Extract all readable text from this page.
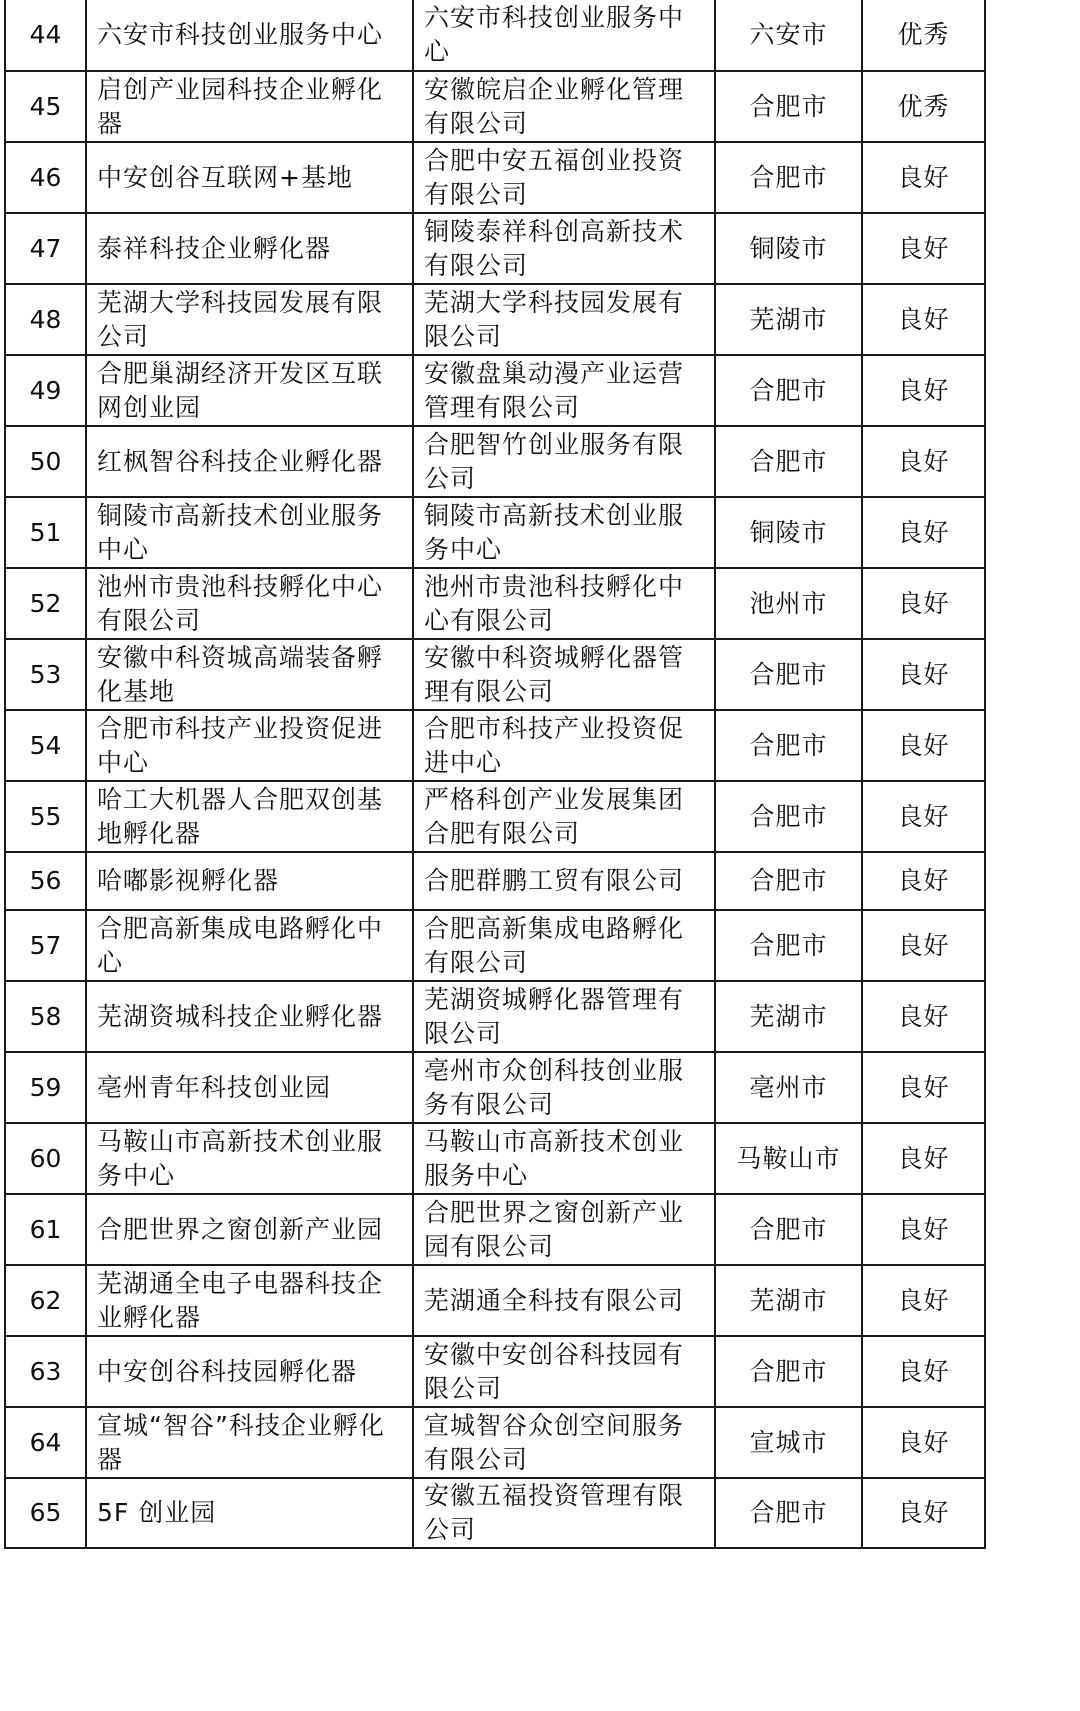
44	六安市科技创业服务中心	六安市科技创业服务中心	六安市	优秀
45	启创产业园科技企业孵化器	安徽皖启企业孵化管理有限公司	合肥市	优秀
46	中安创谷互联网+基地	合肥中安五福创业投资有限公司	合肥市	良好
47	泰祥科技企业孵化器	铜陵泰祥科创高新技术有限公司	铜陵市	良好
48	芜湖大学科技园发展有限公司	芜湖大学科技园发展有限公司	芜湖市	良好
49	合肥巢湖经济开发区互联网创业园	安徽盘巢动漫产业运营管理有限公司	合肥市	良好
50	红枫智谷科技企业孵化器	合肥智竹创业服务有限公司	合肥市	良好
51	铜陵市高新技术创业服务中心	铜陵市高新技术创业服务中心	铜陵市	良好
52	池州市贵池科技孵化中心有限公司	池州市贵池科技孵化中心有限公司	池州市	良好
53	安徽中科资城高端装备孵化基地	安徽中科资城孵化器管理有限公司	合肥市	良好
54	合肥市科技产业投资促进中心	合肥市科技产业投资促进中心	合肥市	良好
55	哈工大机器人合肥双创基地孵化器	严格科创产业发展集团合肥有限公司	合肥市	良好
56	哈嘟影视孵化器	合肥群鹏工贸有限公司	合肥市	良好
57	合肥高新集成电路孵化中心	合肥高新集成电路孵化有限公司	合肥市	良好
58	芜湖资城科技企业孵化器	芜湖资城孵化器管理有限公司	芜湖市	良好
59	亳州青年科技创业园	亳州市众创科技创业服务有限公司	亳州市	良好
60	马鞍山市高新技术创业服务中心	马鞍山市高新技术创业服务中心	马鞍山市	良好
61	合肥世界之窗创新产业园	合肥世界之窗创新产业园有限公司	合肥市	良好
62	芜湖通全电子电器科技企业孵化器	芜湖通全科技有限公司	芜湖市	良好
63	中安创谷科技园孵化器	安徽中安创谷科技园有限公司	合肥市	良好
64	宣城“智谷”科技企业孵化器	宣城智谷众创空间服务有限公司	宣城市	良好
65	5F 创业园	安徽五福投资管理有限公司	合肥市	良好
